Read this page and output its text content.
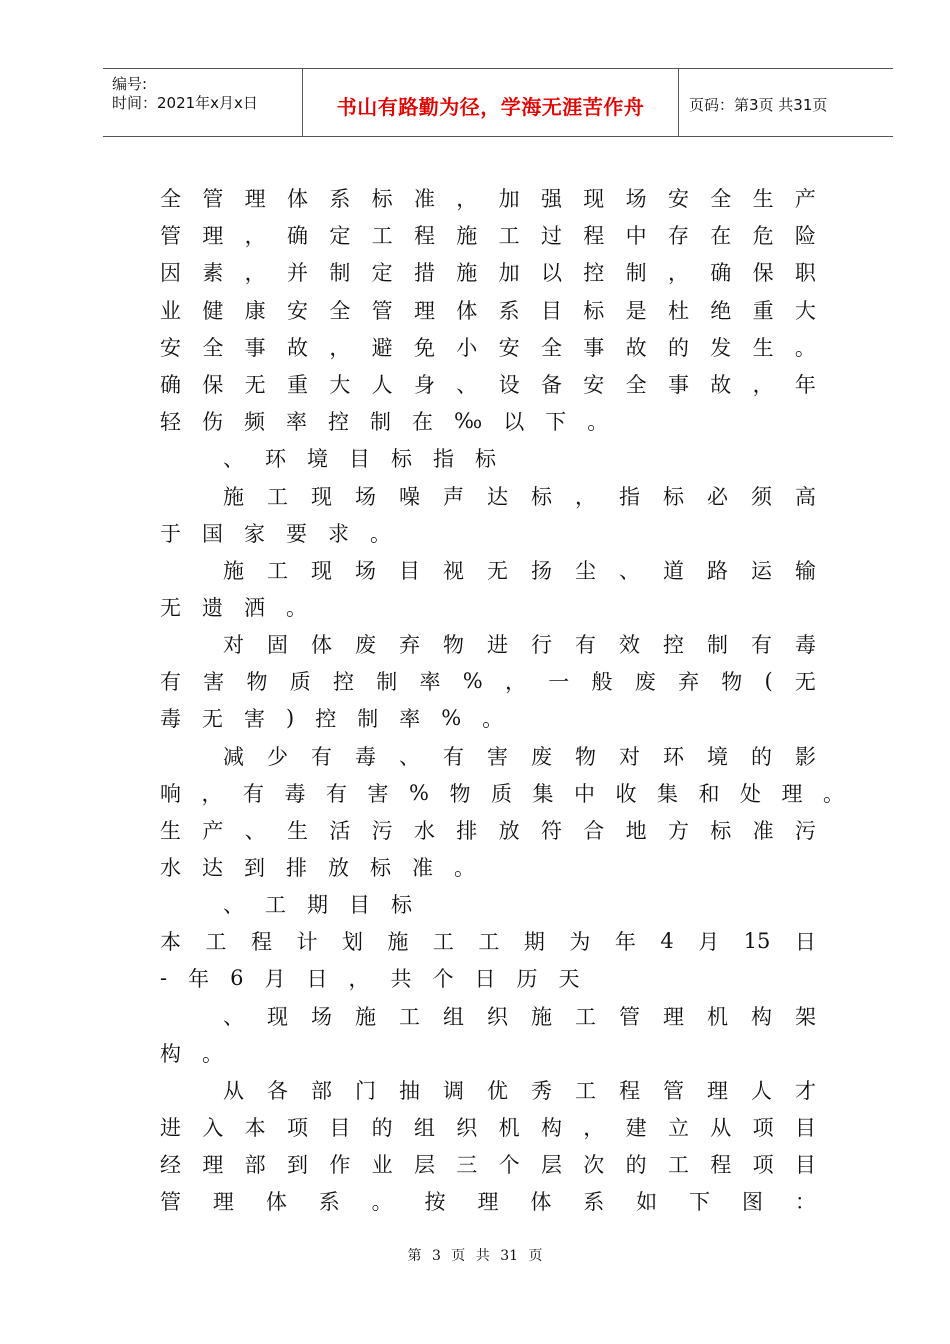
编号:
时间：2021年x月x日	书山有路勤为径，学海无涯苦作舟	页码：第3页 共31页
全 管 理 体 系 标 准 ， 加 强 现 场 安 全 生 产
管 理 ， 确 定 工 程 施 工 过 程 中 存 在 危 险
因 素 ， 并 制 定 措 施 加 以 控 制 ， 确 保 职
业 健 康 安 全 管 理 体 系 目 标 是 杜 绝 重 大
安 全 事 故 ， 避 免 小 安 全 事 故 的 发 生 。
确 保 无 重 大 人 身 、 设 备 安 全 事 故 ， 年
轻 伤 频 率 控 制 在 ‰ 以 下 。
、 环 境 目 标 指 标
施 工 现 场 噪 声 达 标 ， 指 标 必 须 高
于 国 家 要 求 。
施 工 现 场 目 视 无 扬 尘 、 道 路 运 输
无 遗 洒 。
对 固 体 废 弃 物 进 行 有 效 控 制 有 毒
有 害 物 质 控 制 率 % ， 一 般 废 弃 物 ( 无
毒 无 害 ) 控 制 率 % 。
减 少 有 毒 、 有 害 废 物 对 环 境 的 影
响 ， 有 毒 有 害 % 物 质 集 中 收 集 和 处 理 。
生 产 、 生 活 污 水 排 放 符 合 地 方 标 准 污
水 达 到 排 放 标 准 。
、 工 期 目 标
本 工 程 计 划 施 工 工 期 为 年 4 月 15 日
- 年 6 月 日 ， 共 个 日 历 天
、 现 场 施 工 组 织 施 工 管 理 机 构 架
构 。
从 各 部 门 抽 调 优 秀 工 程 管 理 人 才
进 入 本 项 目 的 组 织 机 构 ， 建 立 从 项 目
经 理 部 到 作 业 层 三 个 层 次 的 工 程 项 目
管 理 体 系 。 按 理 体 系 如 下 图 ：
第 3 页 共 31 页
